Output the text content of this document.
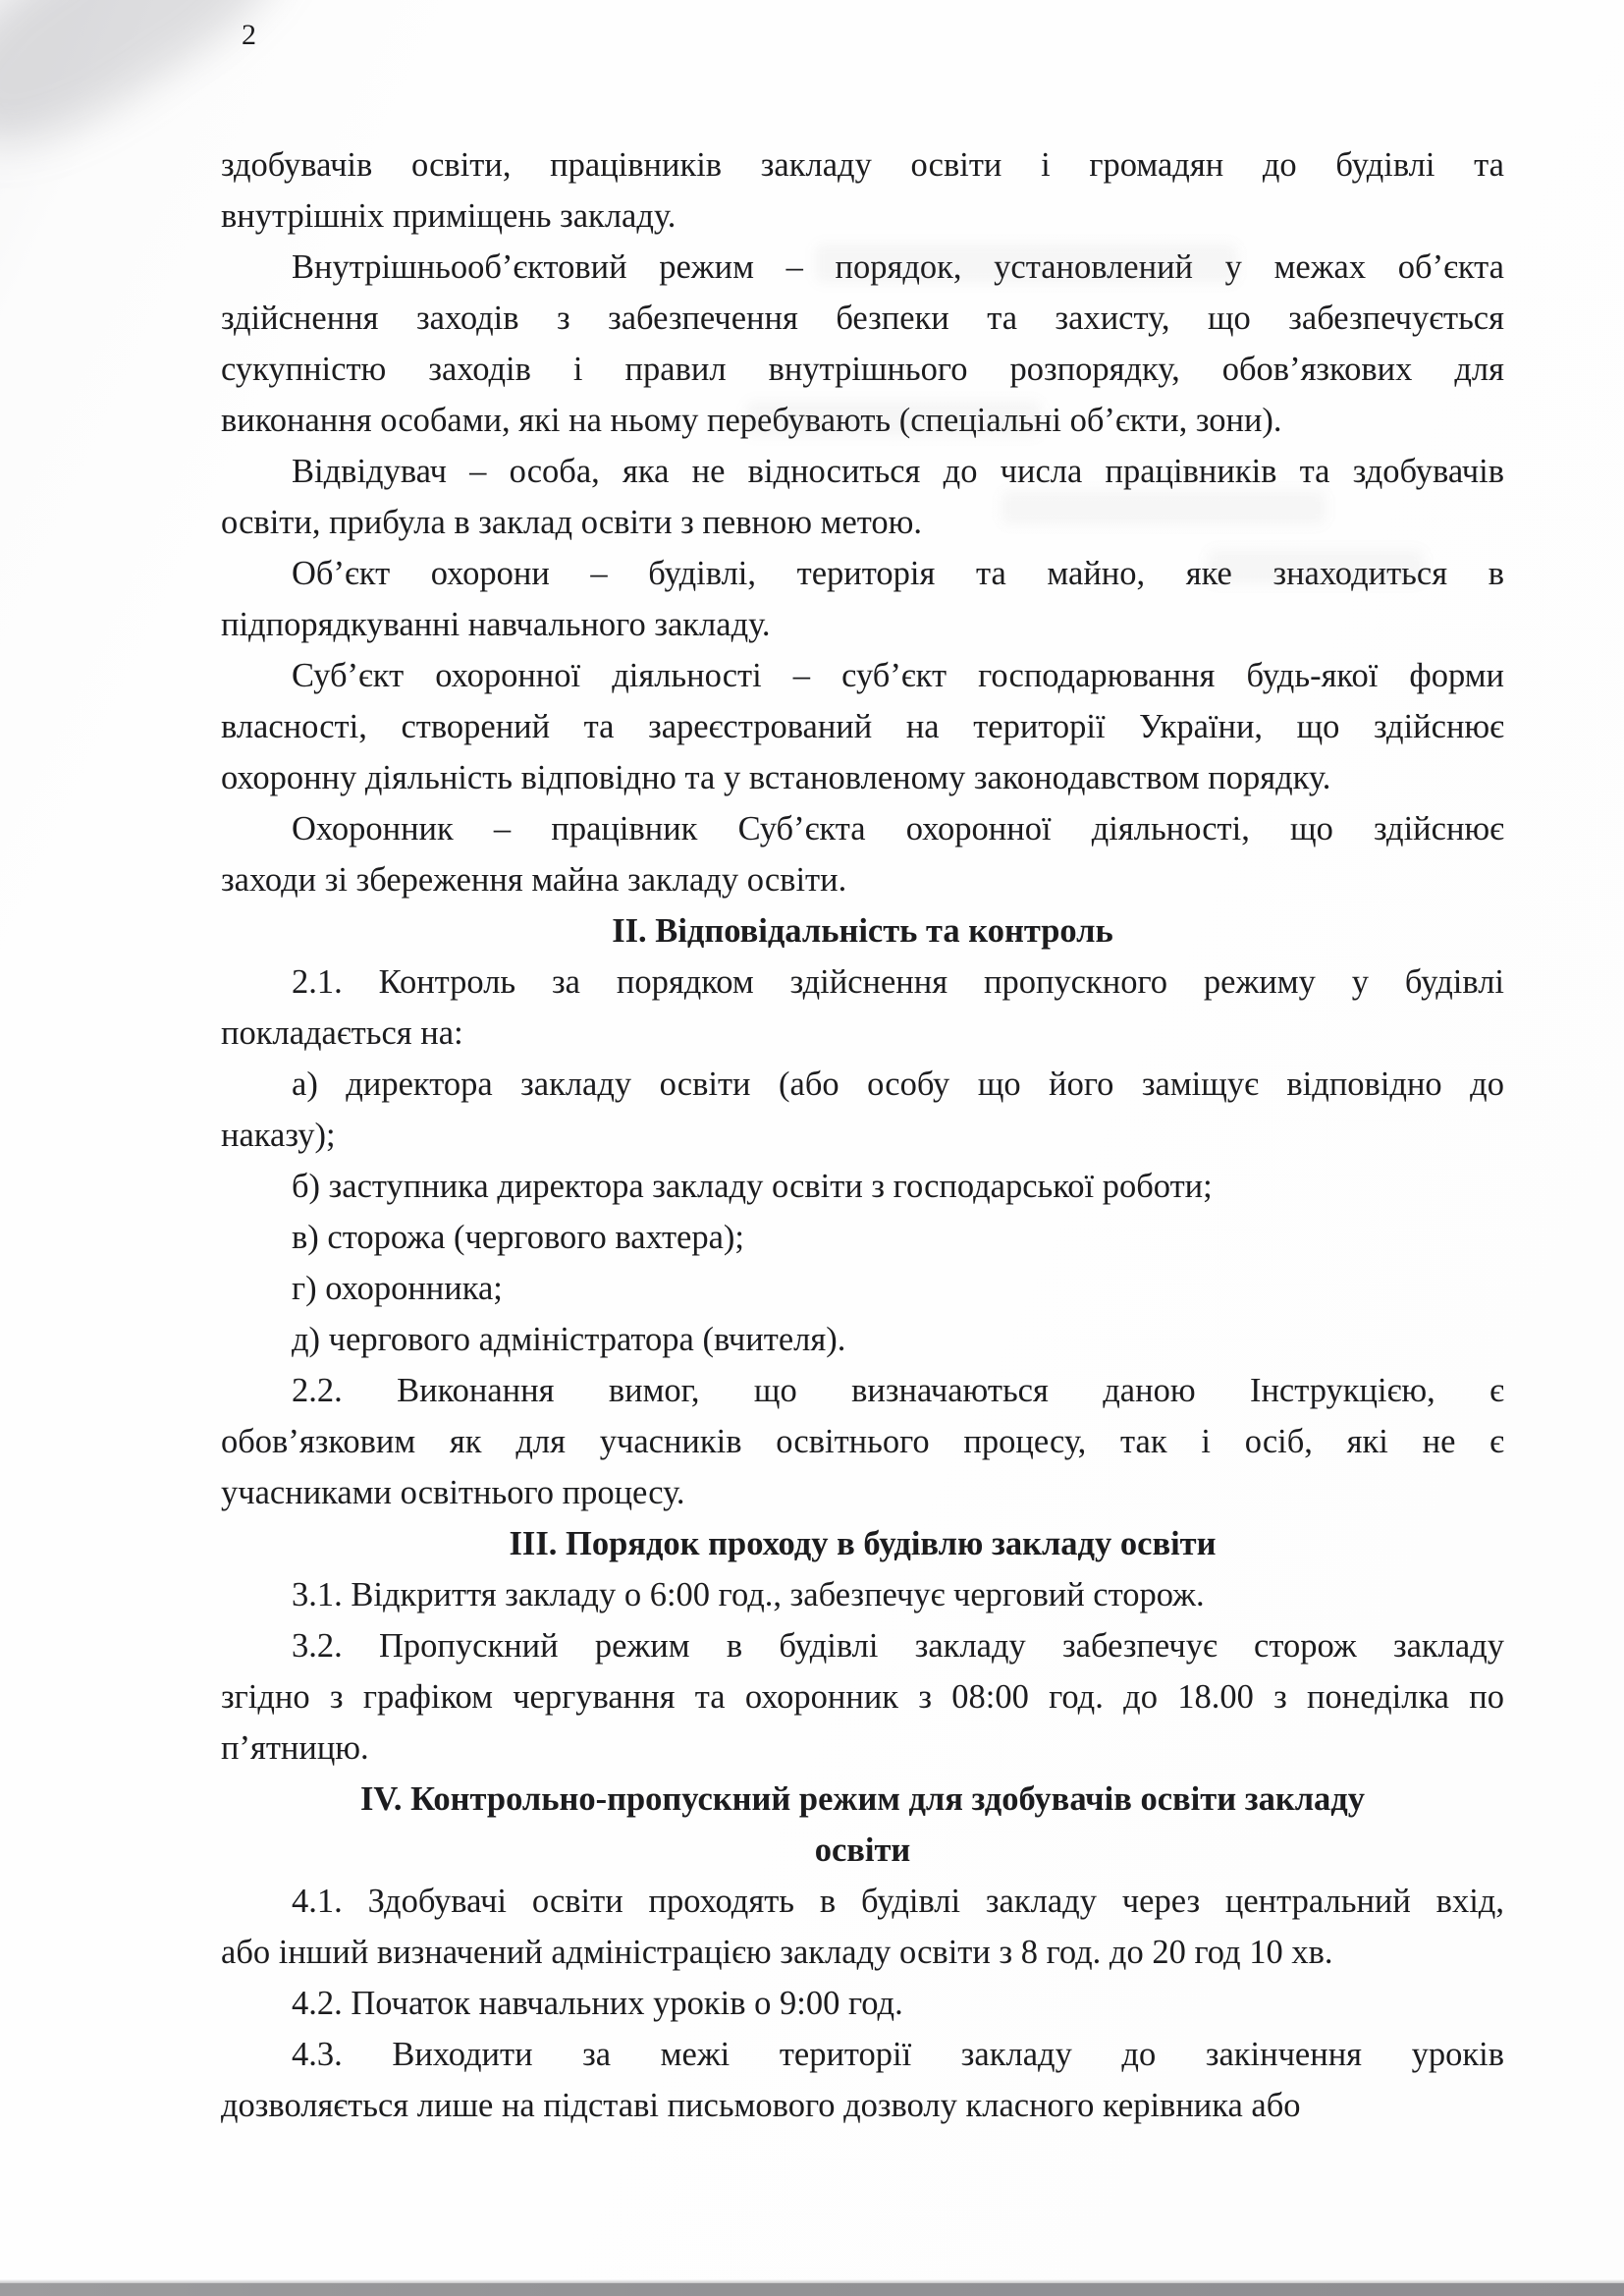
2
здобувачів освіти, працівників закладу освіти і громадян до будівлі та
внутрішніх приміщень закладу.
Внутрішньооб’єктовий режим – порядок, установлений у межах об’єкта
здійснення заходів з забезпечення безпеки та захисту, що забезпечується
сукупністю заходів і правил внутрішнього розпорядку, обов’язкових для
виконання особами, які на ньому перебувають (спеціальні об’єкти, зони).
Відвідувач – особа, яка не відноситься до числа працівників та здобувачів
освіти, прибула в заклад освіти з певною метою.
Об’єкт охорони – будівлі, територія та майно, яке знаходиться в
підпорядкуванні навчального закладу.
Суб’єкт охоронної діяльності – суб’єкт господарювання будь-якої форми
власності, створений та зареєстрований на території України, що здійснює
охоронну діяльність відповідно та у встановленому законодавством порядку.
Охоронник – працівник Суб’єкта охоронної діяльності, що здійснює
заходи зі збереження майна закладу освіти.
ІІ. Відповідальність та контроль
2.1. Контроль за порядком здійснення пропускного режиму у будівлі
покладається на:
а) директора закладу освіти (або особу що його заміщує відповідно до
наказу);
б) заступника директора закладу освіти з господарської роботи;
в) сторожа (чергового вахтера);
г) охоронника;
д) чергового адміністратора (вчителя).
2.2. Виконання вимог, що визначаються даною Інструкцією, є
обов’язковим як для учасників освітнього процесу, так і осіб, які не є
учасниками освітнього процесу.
ІІІ. Порядок проходу в будівлю закладу освіти
3.1. Відкриття закладу о 6:00 год., забезпечує черговий сторож.
3.2. Пропускний режим в будівлі закладу забезпечує сторож закладу
згідно з графіком чергування та охоронник з 08:00 год. до 18.00 з понеділка по
п’ятницю.
ІV. Контрольно-пропускний режим для здобувачів освіти закладу
освіти
4.1. Здобувачі освіти проходять в будівлі закладу через центральний вхід,
або інший визначений адміністрацією закладу освіти з 8 год. до 20 год 10 хв.
4.2. Початок навчальних уроків о 9:00 год.
4.3. Виходити за межі території закладу до закінчення уроків
дозволяється лише на підставі письмового дозволу класного керівника або
